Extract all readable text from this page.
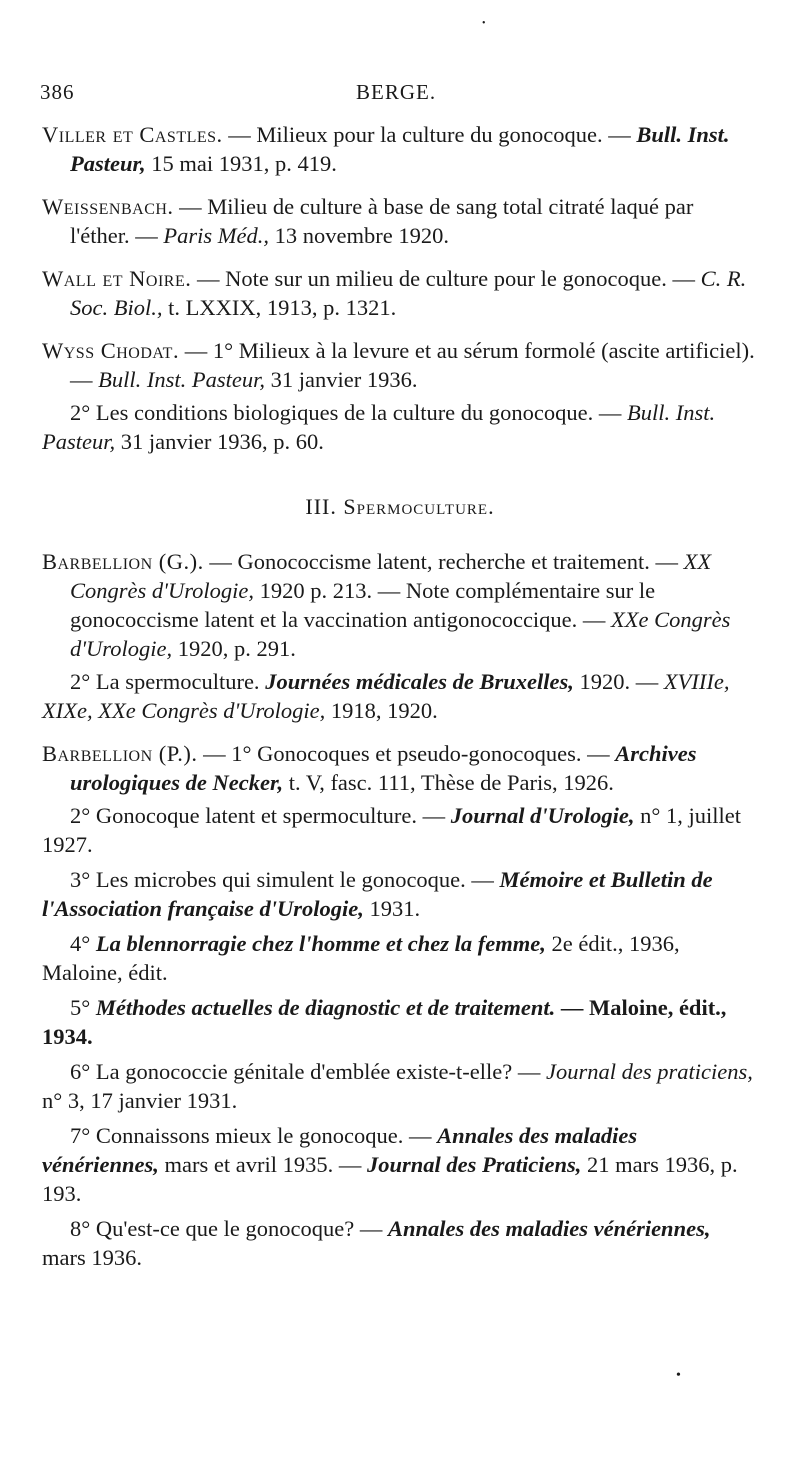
•
386	BERGE.

Viller et Castles. — Milieux pour la culture du gonocoque. — Bull. Inst. Pasteur, 15 mai 1931, p. 419.

Weissenbach. — Milieu de culture à base de sang total citraté laqué par l'éther. — Paris Méd., 13 novembre 1920.

Wall et Noire. — Note sur un milieu de culture pour le gonocoque. — C. R. Soc. Biol., t. LXXIX, 1913, p. 1321.

Wyss Chodat. — 1° Milieux à la levure et au sérum formolé (ascite artificiel). — Bull. Inst. Pasteur, 31 janvier 1936.

2° Les conditions biologiques de la culture du gonocoque. — Bull. Inst. Pasteur, 31 janvier 1936, p. 60.

III. Spermoculture.

Barbellion (G.). — Gonococcisme latent, recherche et traitement. — XX Congrès d'Urologie, 1920 p. 213. — Note complémentaire sur le gonococcisme latent et la vaccination antigonococcique. — XXe Congrès d'Urologie, 1920, p. 291.

2° La spermoculture. Journées médicales de Bruxelles, 1920. — XVIIIe, XIXe, XXe Congrès d'Urologie, 1918, 1920.

Barbellion (P.). — 1° Gonocoques et pseudo-gonocoques. — Archives urologiques de Necker, t. V, fasc. 111, Thèse de Paris, 1926.

2° Gonocoque latent et spermoculture. — Journal d'Urologie, n° 1, juillet 1927.

3° Les microbes qui simulent le gonocoque. — Mémoire et Bulletin de l'Association française d'Urologie, 1931.

4° La blennorragie chez l'homme et chez la femme, 2e édit., 1936, Maloine, édit.

5° Méthodes actuelles de diagnostic et de traitement. — Maloine, édit., 1934.

6° La gonococcie génitale d'emblée existe-t-elle? — Journal des praticiens, n° 3, 17 janvier 1931.

7° Connaissons mieux le gonocoque. — Annales des maladies vénériennes, mars et avril 1935. — Journal des Praticiens, 21 mars 1936, p. 193.

8° Qu'est-ce que le gonocoque? — Annales des maladies vénériennes, mars 1936.

•
